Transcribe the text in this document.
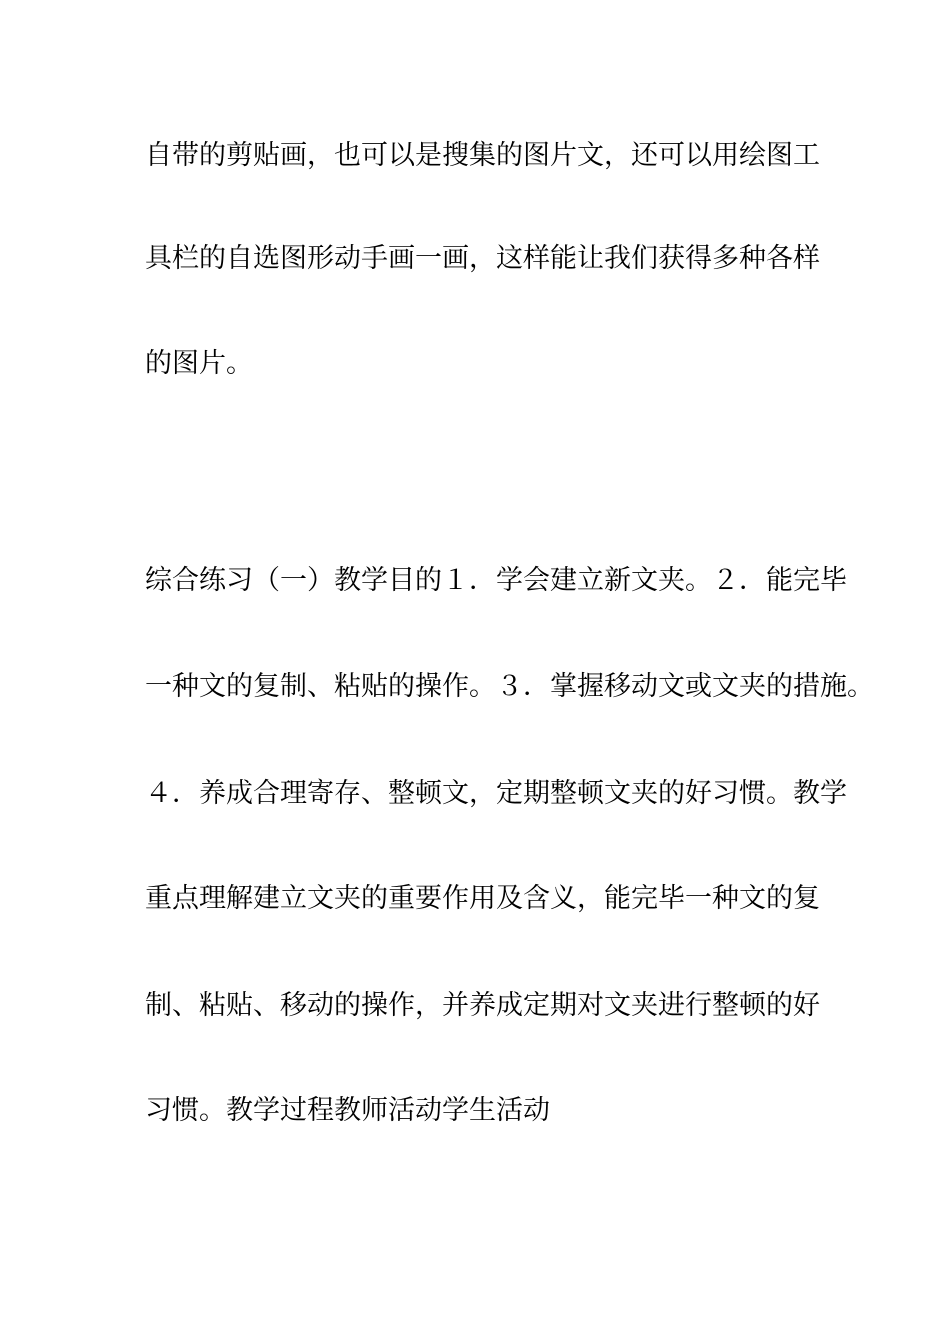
自带的剪贴画，也可以是搜集的图片文，还可以用绘图工

具栏的自选图形动手画一画，这样能让我们获得多种各样

的图片。

综合练习（一）教学目的１．学会建立新文夹。２．能完毕

一种文的复制、粘贴的操作。３．掌握移动文或文夹的措施。

４．养成合理寄存、整顿文，定期整顿文夹的好习惯。教学

重点理解建立文夹的重要作用及含义，能完毕一种文的复

制、粘贴、移动的操作，并养成定期对文夹进行整顿的好

习惯。教学过程教师活动学生活动
